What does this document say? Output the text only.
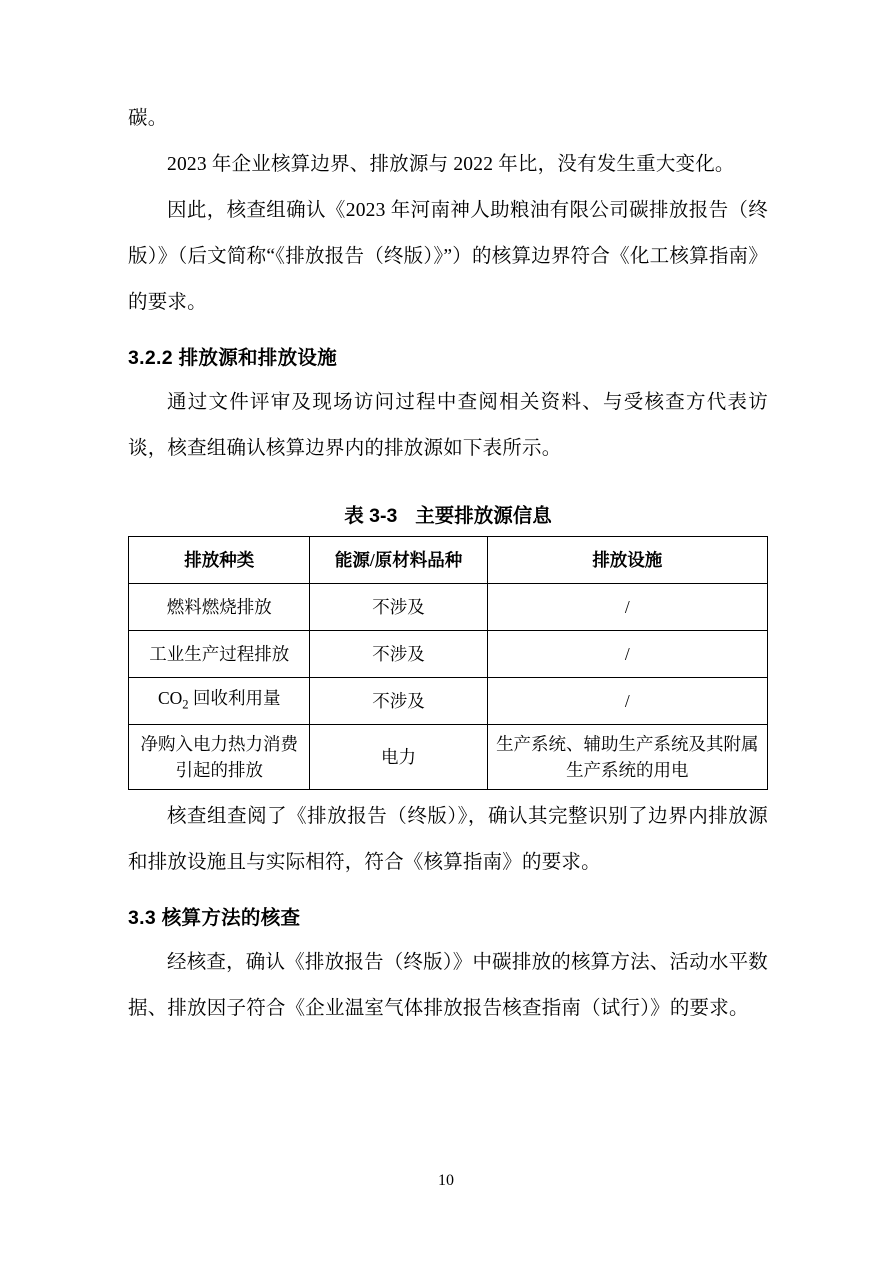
碳。

2023 年企业核算边界、排放源与 2022 年比，没有发生重大变化。

因此，核查组确认《2023 年河南神人助粮油有限公司碳排放报告（终版）》（后文简称“《排放报告（终版）》”）的核算边界符合《化工核算指南》的要求。

3.2.2 排放源和排放设施

通过文件评审及现场访问过程中查阅相关资料、与受核查方代表访谈，核查组确认核算边界内的排放源如下表所示。

表 3-3 主要排放源信息
排放种类	能源/原材料品种	排放设施
燃料燃烧排放	不涉及	/
工业生产过程排放	不涉及	/
$CO_2$ 回收利用量	不涉及	/
净购入电力热力消费引起的排放	电力	生产系统、辅助生产系统及其附属生产系统的用电

核查组查阅了《排放报告（终版）》，确认其完整识别了边界内排放源和排放设施且与实际相符，符合《核算指南》的要求。

3.3 核算方法的核查

经核查，确认《排放报告（终版）》中碳排放的核算方法、活动水平数据、排放因子符合《企业温室气体排放报告核查指南（试行）》的要求。

10
